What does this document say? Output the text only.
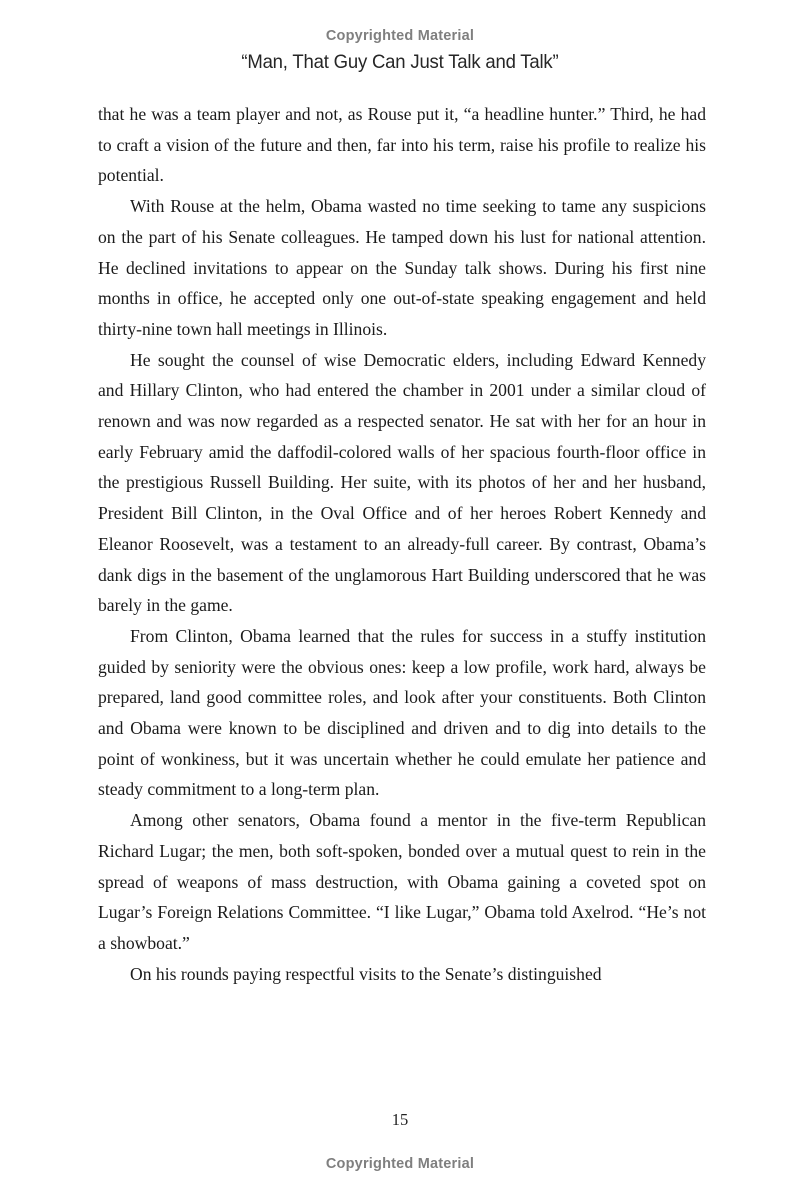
Copyrighted Material
“Man, That Guy Can Just Talk and Talk”

that he was a team player and not, as Rouse put it, “a headline hunter.” Third, he had to craft a vision of the future and then, far into his term, raise his profile to realize his potential.

With Rouse at the helm, Obama wasted no time seeking to tame any suspicions on the part of his Senate colleagues. He tamped down his lust for national attention. He declined invitations to appear on the Sunday talk shows. During his first nine months in office, he accepted only one out-of-state speaking engagement and held thirty-nine town hall meetings in Illinois.

He sought the counsel of wise Democratic elders, including Edward Kennedy and Hillary Clinton, who had entered the chamber in 2001 under a similar cloud of renown and was now regarded as a respected senator. He sat with her for an hour in early February amid the daffodil-colored walls of her spacious fourth-floor office in the prestigious Russell Building. Her suite, with its photos of her and her husband, President Bill Clinton, in the Oval Office and of her heroes Robert Kennedy and Eleanor Roosevelt, was a testament to an already-full career. By contrast, Obama’s dank digs in the basement of the unglamorous Hart Building underscored that he was barely in the game.

From Clinton, Obama learned that the rules for success in a stuffy institution guided by seniority were the obvious ones: keep a low profile, work hard, always be prepared, land good committee roles, and look after your constituents. Both Clinton and Obama were known to be disciplined and driven and to dig into details to the point of wonkiness, but it was uncertain whether he could emulate her patience and steady commitment to a long-term plan.

Among other senators, Obama found a mentor in the five-term Republican Richard Lugar; the men, both soft-spoken, bonded over a mutual quest to rein in the spread of weapons of mass destruction, with Obama gaining a coveted spot on Lugar’s Foreign Relations Committee. “I like Lugar,” Obama told Axelrod. “He’s not a showboat.”

On his rounds paying respectful visits to the Senate’s distinguished

15
Copyrighted Material
